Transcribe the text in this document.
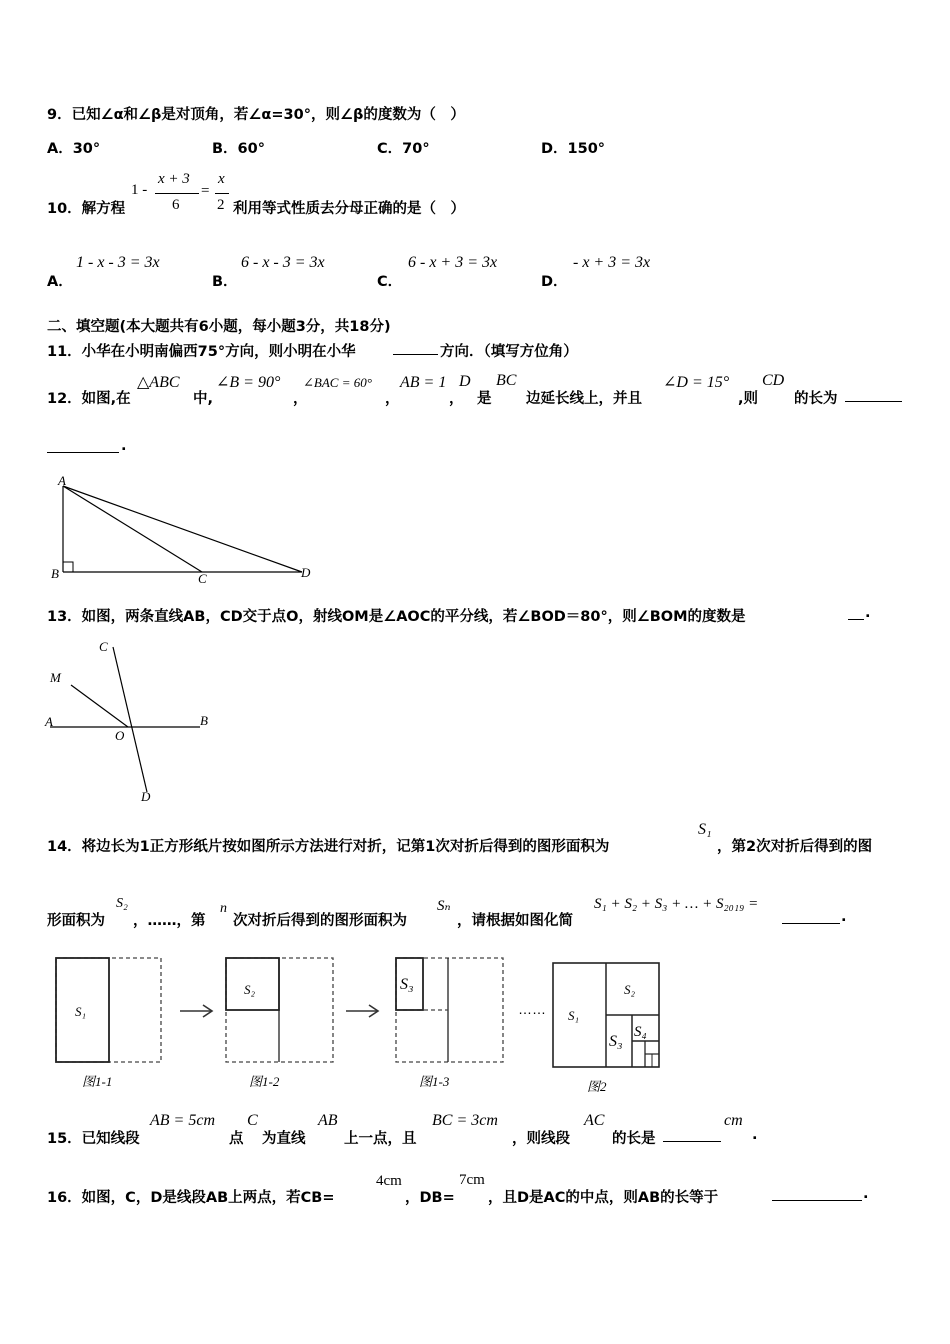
9．已知∠α和∠β是对顶角，若∠α=30°，则∠β的度数为（　）
A．30°	B．60°	C．70°	D．150°
10．解方程
1 -
x + 3
6
=
x
2 利用等式性质去分母正确的是（　）
A．
1 - x - 3 = 3x
B．
6 - x - 3 = 3x
C．
6 - x + 3 = 3x
D．
- x + 3 = 3x
二、填空题(本大题共有6小题，每小题3分，共18分)
11．小华在小明南偏西75°方向，则小明在小华	方向．（填写方位角）
12．如图,在
△ABC
中,
∠B = 90°
，
∠BAC = 60°
，
AB = 1
，
D
是
BC
边延长线上，并且
∠D = 15°
,则
CD
的长为
.
A
B	C	D
13．如图，两条直线AB，CD交于点O，射线OM是∠AOC的平分线，若∠BOD＝80°，则∠BOM的度数是	.
C
M
A
O
B
D
14．将边长为1正方形纸片按如图所示方法进行对折，记第1次对折后得到的图形面积为
S₁
，第2次对折后得到的图
形面积为
S₂
，……，第
n
次对折后得到的图形面积为
Sₙ
，请根据如图化简
S₁ + S₂ + S₃ + … + S₂₀₁₉ =
.
S₁
图1-1
S₂
图1-2
S₃
图1-3
…… S₁
S₂
S₃
S₄
图2
15．已知线段
AB = 5cm
点
C
为直线
AB
上一点，且
BC = 3cm
，则线段
AC
的长是
cm
.
16．如图，C，D是线段AB上两点，若CB=
4cm
，DB=
7cm
，且D是AC的中点，则AB的长等于	.
